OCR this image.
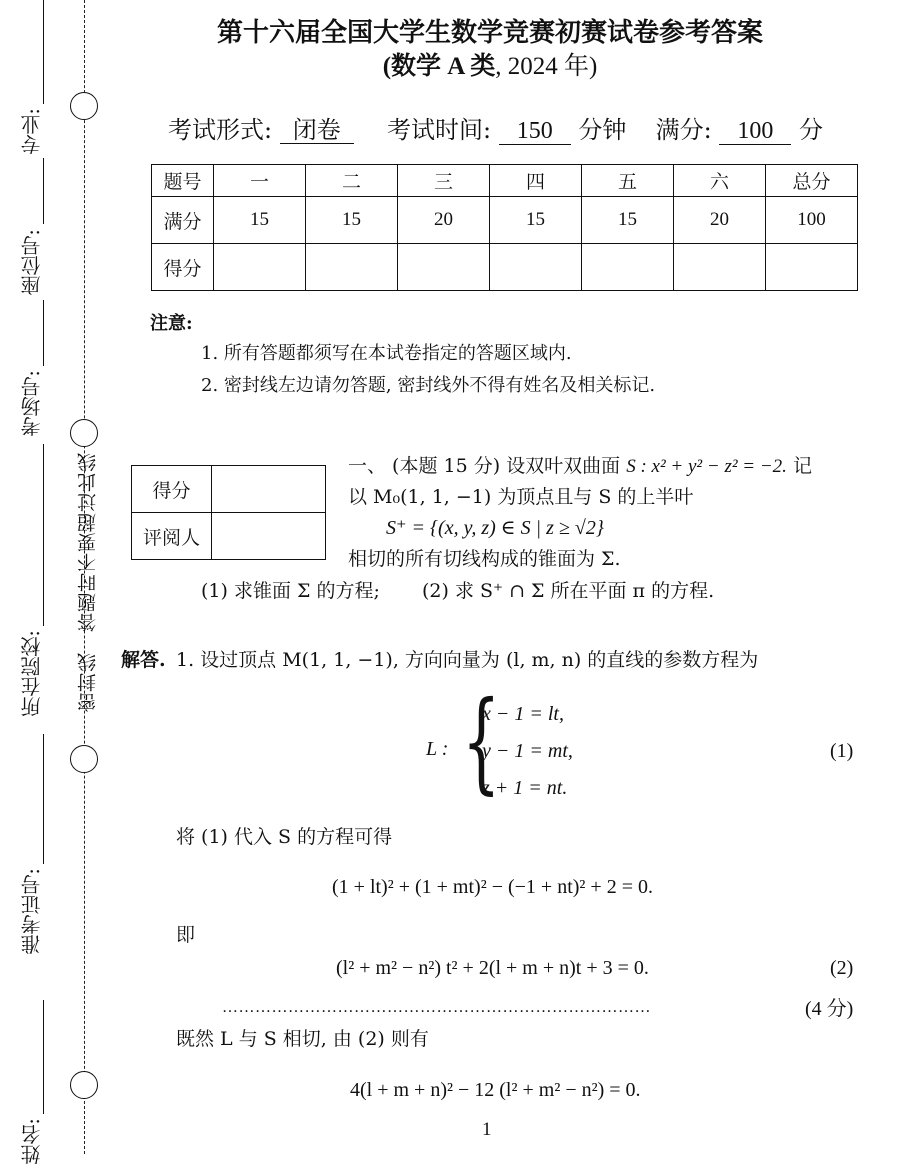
专业:
座位号:
考场号:
所在院校:
准考证号:
姓名:
答题时不要超过此线
密封线
第十六届全国大学生数学竞赛初赛试卷参考答案
(数学 A 类, 2024 年)
考试形式: 闭卷 考试时间: 150 分钟 满分: 100 分
题号	一	二	三	四	五	六	总分
满分	15	15	20	15	15	20	100
得分							
注意:
1. 所有答题都须写在本试卷指定的答题区域内.
2. 密封线左边请勿答题, 密封线外不得有姓名及相关标记.
得分	
评阅人	
一、 (本题 15 分) 设双叶双曲面 S : x² + y² − z² = −2. 记
以 M₀(1, 1, −1) 为顶点且与 S 的上半叶
S⁺ = {(x, y, z) ∈ S | z ≥ √2}
相切的所有切线构成的锥面为 Σ.
(1) 求锥面 Σ 的方程; (2) 求 S⁺ ∩ Σ 所在平面 π 的方程.
解答. 1. 设过顶点 M(1, 1, −1), 方向向量为 (l, m, n) 的直线的参数方程为
L : {
x − 1 = lt,
y − 1 = mt,
z + 1 = nt.
(1)
将 (1) 代入 S 的方程可得
(1 + lt)² + (1 + mt)² − (−1 + nt)² + 2 = 0.
即
(l² + m² − n²) t² + 2(l + m + n)t + 3 = 0.	(2)
……………………………………………………………………	(4 分)
既然 L 与 S 相切, 由 (2) 则有
4(l + m + n)² − 12 (l² + m² − n²) = 0.
1
